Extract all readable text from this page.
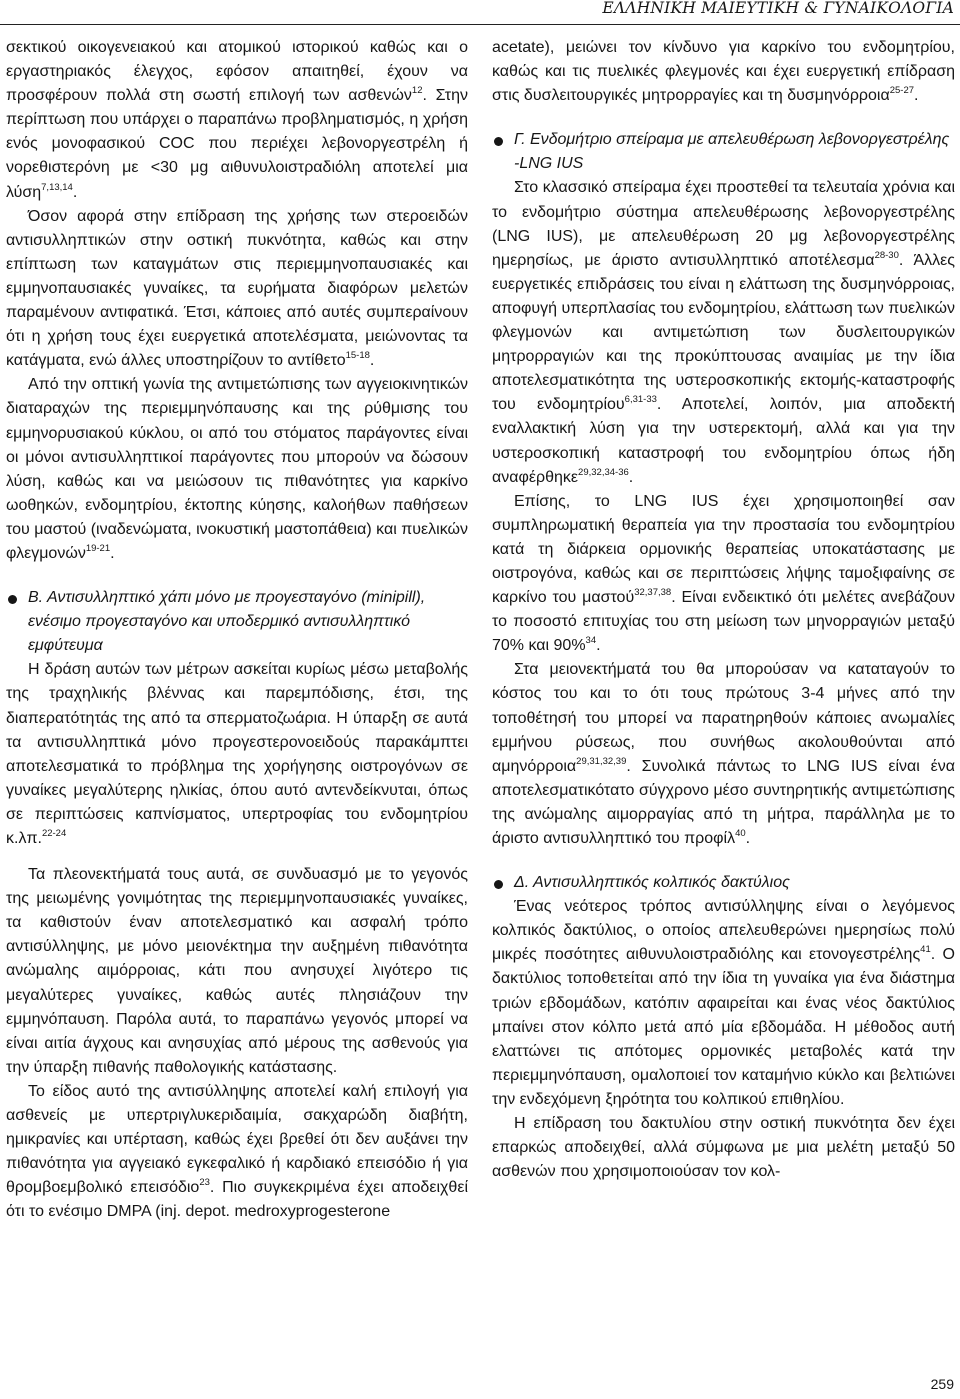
ΕΛΛΗΝΙΚΗ ΜΑΙΕΥΤΙΚΗ & ΓΥΝΑΙΚΟΛΟΓΙΑ

σεκτικού οικογενειακού και ατομικού ιστορικού καθώς και ο εργαστηριακός έλεγχος, εφόσον απαιτηθεί, έχουν να προσφέρουν πολλά στη σωστή επιλογή των ασθενών$^{12}$. Στην περίπτωση που υπάρχει ο παραπάνω προβληματισμός, η χρήση ενός μονοφασικού COC που περιέχει λεβονοργεστρέλη ή νορεθιστερόνη με <30 μg αιθυνυλοιστραδιόλη αποτελεί μια λύση$^{7,13,14}$.

Όσον αφορά στην επίδραση της χρήσης των στεροειδών αντισυλληπτικών στην οστική πυκνότητα, καθώς και στην επίπτωση των καταγμάτων στις περιεμμηνοπαυσιακές και εμμηνοπαυσιακές γυναίκες, τα ευρήματα διαφόρων μελετών παραμένουν αντιφατικά. Έτσι, κάποιες από αυτές συμπεραίνουν ότι η χρήση τους έχει ευεργετικά αποτελέσματα, μειώνοντας τα κατάγματα, ενώ άλλες υποστηρίζουν το αντίθετο$^{15-18}$.

Από την οπτική γωνία της αντιμετώπισης των αγγειοκινητικών διαταραχών της περιεμμηνόπαυσης και της ρύθμισης του εμμηνορυσιακού κύκλου, οι από του στόματος παράγοντες είναι οι μόνοι αντισυλληπτικοί παράγοντες που μπορούν να δώσουν λύση, καθώς και να μειώσουν τις πιθανότητες για καρκίνο ωοθηκών, ενδομητρίου, έκτοπης κύησης, καλοήθων παθήσεων του μαστού (ιναδενώματα, ινοκυστική μαστοπάθεια) και πυελικών φλεγμονών$^{19-21}$.

Β. Αντισυλληπτικό χάπι μόνο με προγεσταγόνο (minipill), ενέσιμο προγεσταγόνο και υποδερμικό αντισυλληπτικό εμφύτευμα

Η δράση αυτών των μέτρων ασκείται κυρίως μέσω μεταβολής της τραχηλικής βλέννας και παρεμπόδισης, έτσι, της διαπερατότητάς της από τα σπερματοζωάρια. Η ύπαρξη σε αυτά τα αντισυλληπτικά μόνο προγεστερονοειδούς παρακάμπτει αποτελεσματικά το πρόβλημα της χορήγησης οιστρογόνων σε γυναίκες μεγαλύτερης ηλικίας, όπου αυτό αντενδείκνυται, όπως σε περιπτώσεις καπνίσματος, υπερτροφίας του ενδομητρίου κ.λπ.$^{22-24}$

Τα πλεονεκτήματά τους αυτά, σε συνδυασμό με το γεγονός της μειωμένης γονιμότητας της περιεμμηνοπαυσιακές γυναίκες, τα καθιστούν έναν αποτελεσματικό και ασφαλή τρόπο αντισύλληψης, με μόνο μειονέκτημα την αυξημένη πιθανότητα ανώμαλης αιμόρροιας, κάτι που ανησυχεί λιγότερο τις μεγαλύτερες γυναίκες, καθώς αυτές πλησιάζουν την εμμηνόπαυση. Παρόλα αυτά, το παραπάνω γεγονός μπορεί να είναι αιτία άγχους και ανησυχίας από μέρους της ασθενούς για την ύπαρξη πιθανής παθολογικής κατάστασης.

Το είδος αυτό της αντισύλληψης αποτελεί καλή επιλογή για ασθενείς με υπερτριγλυκεριδαιμία, σακχαρώδη διαβήτη, ημικρανίες και υπέρταση, καθώς έχει βρεθεί ότι δεν αυξάνει την πιθανότητα για αγγειακό εγκεφαλικό ή καρδιακό επεισόδιο ή για θρομβοεμβολικό επεισόδιο$^{23}$. Πιο συγκεκριμένα έχει αποδειχθεί ότι το ενέσιμο DMPA (inj. depot. medroxyprogesterone

acetate), μειώνει τον κίνδυνο για καρκίνο του ενδομητρίου, καθώς και τις πυελικές φλεγμονές και έχει ευεργετική επίδραση στις δυσλειτουργικές μητρορραγίες και τη δυσμηνόρροια$^{25-27}$.

Γ. Ενδομήτριο σπείραμα με απελευθέρωση λεβονοργεστρέλης -LNG IUS

Στο κλασσικό σπείραμα έχει προστεθεί τα τελευταία χρόνια και το ενδομήτριο σύστημα απελευθέρωσης λεβονοργεστρέλης (LNG IUS), με απελευθέρωση 20 μg λεβονοργεστρέλης ημερησίως, με άριστο αντισυλληπτικό αποτέλεσμα$^{28-30}$. Άλλες ευεργετικές επιδράσεις του είναι η ελάττωση της δυσμηνόρροιας, αποφυγή υπερπλασίας του ενδομητρίου, ελάττωση των πυελικών φλεγμονών και αντιμετώπιση των δυσλειτουργικών μητρορραγιών και της προκύπτουσας αναιμίας με την ίδια αποτελεσματικότητα της υστεροσκοπικής εκτομής-καταστροφής του ενδομητρίου$^{6,31-33}$. Αποτελεί, λοιπόν, μια αποδεκτή εναλλακτική λύση για την υστερεκτομή, αλλά και για την υστεροσκοπική καταστροφή του ενδομητρίου όπως ήδη αναφέρθηκε$^{29,32,34-36}$.

Επίσης, το LNG IUS έχει χρησιμοποιηθεί σαν συμπληρωματική θεραπεία για την προστασία του ενδομητρίου κατά τη διάρκεια ορμονικής θεραπείας υποκατάστασης με οιστρογόνα, καθώς και σε περιπτώσεις λήψης ταμοξιφαίνης σε καρκίνο του μαστού$^{32,37,38}$. Είναι ενδεικτικό ότι μελέτες ανεβάζουν το ποσοστό επιτυχίας του στη μείωση των μηνορραγιών μεταξύ 70% και 90%$^{34}$.

Στα μειονεκτήματά του θα μπορούσαν να καταταγούν το κόστος του και το ότι τους πρώτους 3-4 μήνες από την τοποθέτησή του μπορεί να παρατηρηθούν κάποιες ανωμαλίες εμμήνου ρύσεως, που συνήθως ακολουθούνται από αμηνόρροια$^{29,31,32,39}$. Συνολικά πάντως το LNG IUS είναι ένα αποτελεσματικότατο σύγχρονο μέσο συντηρητικής αντιμετώπισης της ανώμαλης αιμορραγίας από τη μήτρα, παράλληλα με το άριστο αντισυλληπτικό του προφίλ$^{40}$.

Δ. Αντισυλληπτικός κολπικός δακτύλιος

Ένας νεότερος τρόπος αντισύλληψης είναι ο λεγόμενος κολπικός δακτύλιος, ο οποίος απελευθερώνει ημερησίως πολύ μικρές ποσότητες αιθυνυλοιστραδιόλης και ετονογεστρέλης$^{41}$. Ο δακτύλιος τοποθετείται από την ίδια τη γυναίκα για ένα διάστημα τριών εβδομάδων, κατόπιν αφαιρείται και ένας νέος δακτύλιος μπαίνει στον κόλπο μετά από μία εβδομάδα. Η μέθοδος αυτή ελαττώνει τις απότομες ορμονικές μεταβολές κατά την περιεμμηνόπαυση, ομαλοποιεί τον καταμήνιο κύκλο και βελτιώνει την ενδεχόμενη ξηρότητα του κολπικού επιθηλίου.

Η επίδραση του δακτυλίου στην οστική πυκνότητα δεν έχει επαρκώς αποδειχθεί, αλλά σύμφωνα με μια μελέτη μεταξύ 50 ασθενών που χρησιμοποιούσαν τον κολ-

259
